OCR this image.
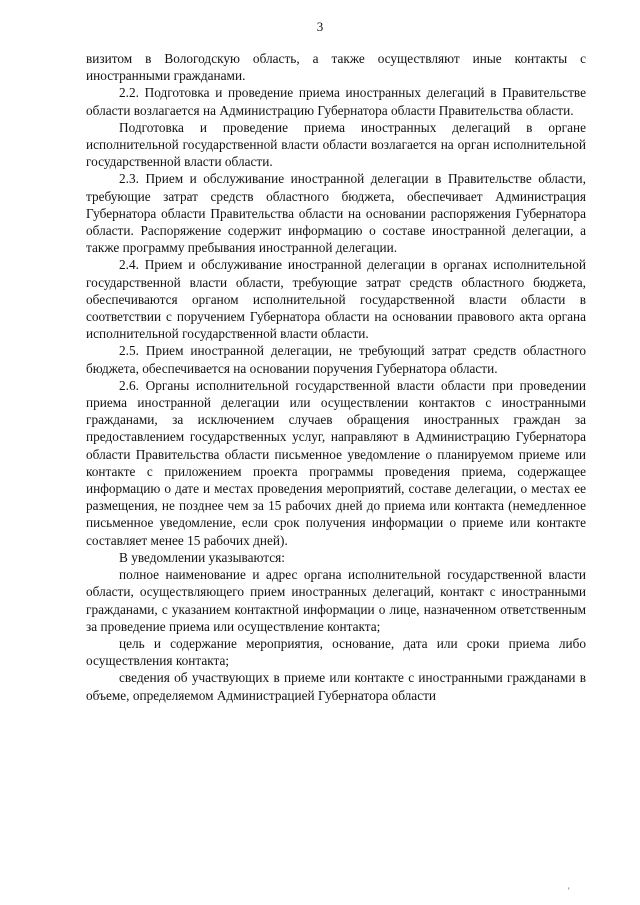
3

визитом в Вологодскую область, а также осуществляют иные контакты с иностранными гражданами.

2.2. Подготовка и проведение приема иностранных делегаций в Правительстве области возлагается на Администрацию Губернатора области Правительства области.

Подготовка и проведение приема иностранных делегаций в органе исполнительной государственной власти области возлагается на орган исполнительной государственной власти области.

2.3. Прием и обслуживание иностранной делегации в Правительстве области, требующие затрат средств областного бюджета, обеспечивает Администрация Губернатора области Правительства области на основании распоряжения Губернатора области. Распоряжение содержит информацию о составе иностранной делегации, а также программу пребывания иностранной делегации.

2.4. Прием и обслуживание иностранной делегации в органах исполнительной государственной власти области, требующие затрат средств областного бюджета, обеспечиваются органом исполнительной государственной власти области в соответствии с поручением Губернатора области на основании правового акта органа исполнительной государственной власти области.

2.5. Прием иностранной делегации, не требующий затрат средств областного бюджета, обеспечивается на основании поручения Губернатора области.

2.6. Органы исполнительной государственной власти области при проведении приема иностранной делегации или осуществлении контактов с иностранными гражданами, за исключением случаев обращения иностранных граждан за предоставлением государственных услуг, направляют в Администрацию Губернатора области Правительства области письменное уведомление о планируемом приеме или контакте с приложением проекта программы проведения приема, содержащее информацию о дате и местах проведения мероприятий, составе делегации, о местах ее размещения, не позднее чем за 15 рабочих дней до приема или контакта (немедленное письменное уведомление, если срок получения информации о приеме или контакте составляет менее 15 рабочих дней).

В уведомлении указываются:

полное наименование и адрес органа исполнительной государственной власти области, осуществляющего прием иностранных делегаций, контакт с иностранными гражданами, с указанием контактной информации о лице, назначенном ответственным за проведение приема или осуществление контакта;

цель и содержание мероприятия, основание, дата или сроки приема либо осуществления контакта;

сведения об участвующих в приеме или контакте с иностранными гражданами в объеме, определяемом Администрацией Губернатора области

'
